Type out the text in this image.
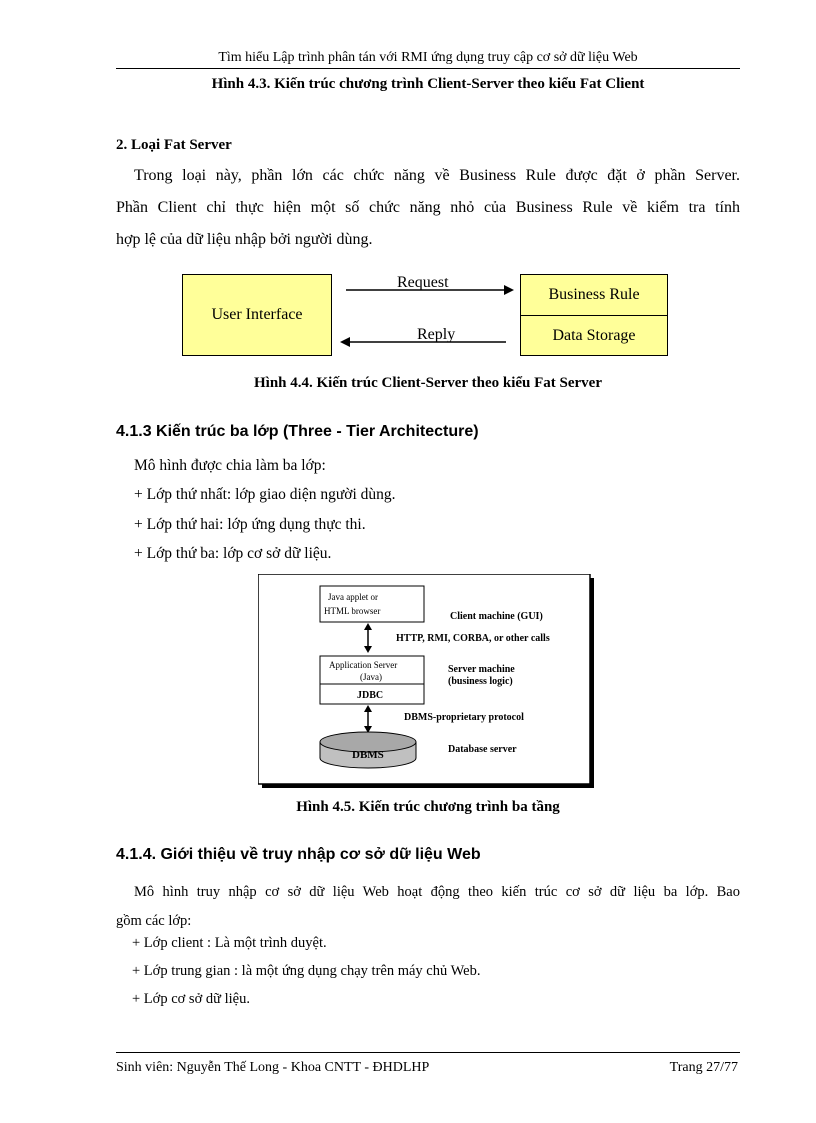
Tìm hiểu Lập trình phân tán với RMI ứng dụng truy cập cơ sở dữ liệu Web
Hình 4.3. Kiến trúc chương trình Client-Server theo kiểu Fat Client
2. Loại Fat Server
Trong loại này, phần lớn các chức năng về Business Rule được đặt ở phần Server.
Phần Client chỉ thực hiện một số chức năng nhỏ của Business Rule về kiểm tra tính
hợp lệ của dữ liệu nhập bởi người dùng.
User Interface
Request
Reply
Business Rule
Data Storage
Hình 4.4. Kiến trúc Client-Server theo kiểu Fat Server
4.1.3 Kiến trúc ba lớp (Three - Tier Architecture)
Mô hình được chia làm ba lớp:
+ Lớp thứ nhất: lớp giao diện người dùng.
+ Lớp thứ hai: lớp ứng dụng thực thi.
+ Lớp thứ ba: lớp cơ sở dữ liệu.
Java applet or
HTML browser	Client machine (GUI)
HTTP, RMI, CORBA, or other calls
Application Server
(Java)
JDBC
Server machine
(business logic)
DBMS-proprietary protocol
DBMS	Database server
Hình 4.5. Kiến trúc chương trình ba tầng
4.1.4. Giới thiệu về truy nhập cơ sở dữ liệu Web
Mô hình truy nhập cơ sở dữ liệu Web hoạt động theo kiến trúc cơ sở dữ liệu ba lớp. Bao
gồm các lớp:
+ Lớp client : Là một trình duyệt.
+ Lớp trung gian : là một ứng dụng chạy trên máy chủ Web.
+ Lớp cơ sở dữ liệu.
Sinh viên: Nguyễn Thế Long - Khoa CNTT - ĐHDLHP	Trang 27/77
